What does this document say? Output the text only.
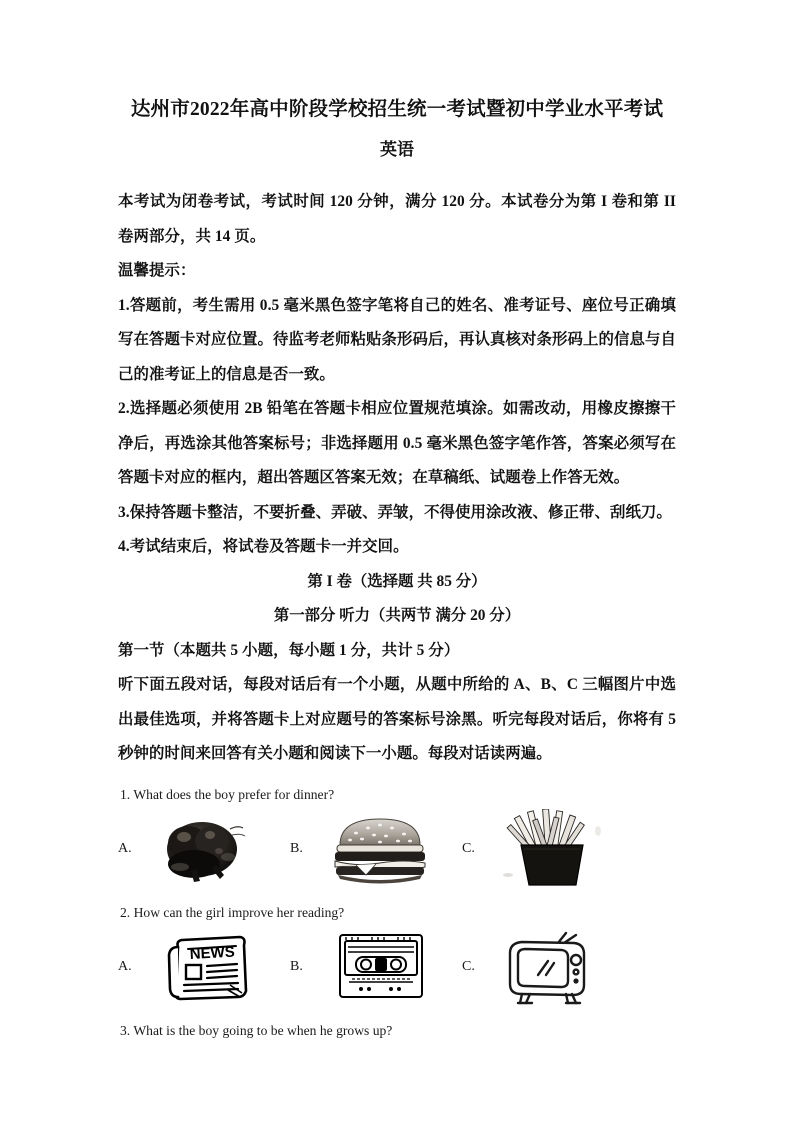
达州市2022年高中阶段学校招生统一考试暨初中学业水平考试
英语

本考试为闭卷考试，考试时间 120 分钟，满分 120 分。本试卷分为第 I 卷和第 II 卷两部分，共 14 页。

温馨提示：

1.答题前，考生需用 0.5 毫米黑色签字笔将自己的姓名、准考证号、座位号正确填写在答题卡对应位置。待监考老师粘贴条形码后，再认真核对条形码上的信息与自己的准考证上的信息是否一致。

2.选择题必须使用 2B 铅笔在答题卡相应位置规范填涂。如需改动，用橡皮擦擦干净后，再选涂其他答案标号；非选择题用 0.5 毫米黑色签字笔作答，答案必须写在答题卡对应的框内，超出答题区答案无效；在草稿纸、试题卷上作答无效。

3.保持答题卡整洁，不要折叠、弄破、弄皱，不得使用涂改液、修正带、刮纸刀。

4.考试结束后，将试卷及答题卡一并交回。

第 I 卷（选择题 共 85 分）

第一部分 听力（共两节 满分 20 分）

第一节（本题共 5 小题，每小题 1 分，共计 5 分）

听下面五段对话，每段对话后有一个小题，从题中所给的 A、B、C 三幅图片中选出最佳选项，并将答题卡上对应题号的答案标号涂黑。听完每段对话后，你将有 5 秒钟的时间来回答有关小题和阅读下一小题。每段对话读两遍。

1. What does the boy prefer for dinner?

A.	B.	C.

2. How can the girl improve her reading?

A.
NEWS
B.	C.

3. What is the boy going to be when he grows up?
